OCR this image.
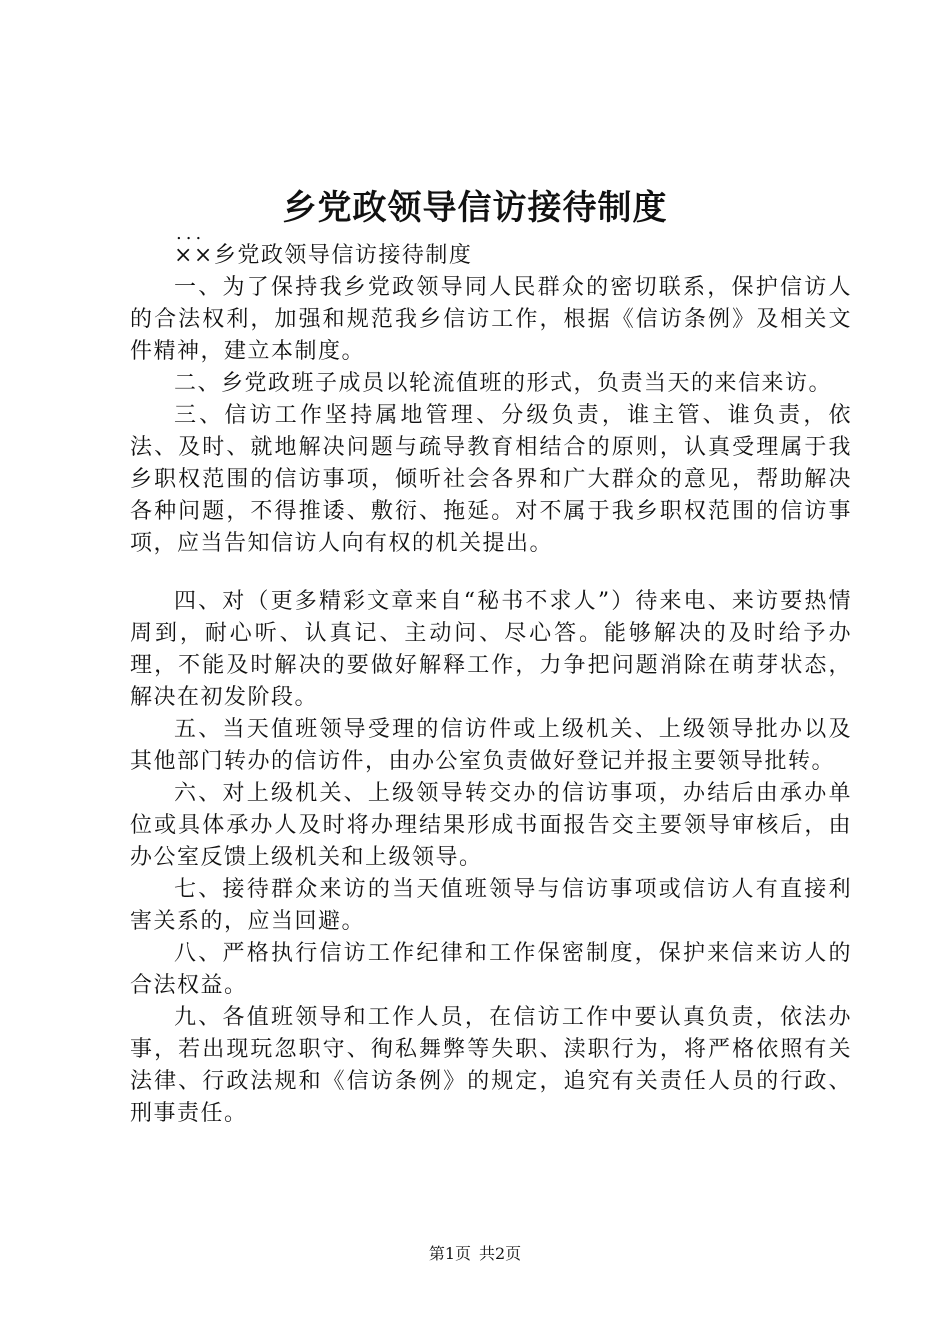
乡党政领导信访接待制度
...

××乡党政领导信访接待制度

一、为了保持我乡党政领导同人民群众的密切联系，保护信访人的合法权利，加强和规范我乡信访工作，根据《信访条例》及相关文件精神，建立本制度。

二、乡党政班子成员以轮流值班的形式，负责当天的来信来访。

三、信访工作坚持属地管理、分级负责，谁主管、谁负责，依法、及时、就地解决问题与疏导教育相结合的原则，认真受理属于我乡职权范围的信访事项，倾听社会各界和广大群众的意见，帮助解决各种问题，不得推诿、敷衍、拖延。对不属于我乡职权范围的信访事项，应当告知信访人向有权的机关提出。

四、对（更多精彩文章来自“秘书不求人”）待来电、来访要热情周到，耐心听、认真记、主动问、尽心答。能够解决的及时给予办理，不能及时解决的要做好解释工作，力争把问题消除在萌芽状态，解决在初发阶段。

五、当天值班领导受理的信访件或上级机关、上级领导批办以及其他部门转办的信访件，由办公室负责做好登记并报主要领导批转。

六、对上级机关、上级领导转交办的信访事项，办结后由承办单位或具体承办人及时将办理结果形成书面报告交主要领导审核后，由办公室反馈上级机关和上级领导。

七、接待群众来访的当天值班领导与信访事项或信访人有直接利害关系的，应当回避。

八、严格执行信访工作纪律和工作保密制度，保护来信来访人的合法权益。

九、各值班领导和工作人员，在信访工作中要认真负责，依法办事，若出现玩忽职守、徇私舞弊等失职、渎职行为，将严格依照有关法律、行政法规和《信访条例》的规定，追究有关责任人员的行政、刑事责任。

第1页 共2页
